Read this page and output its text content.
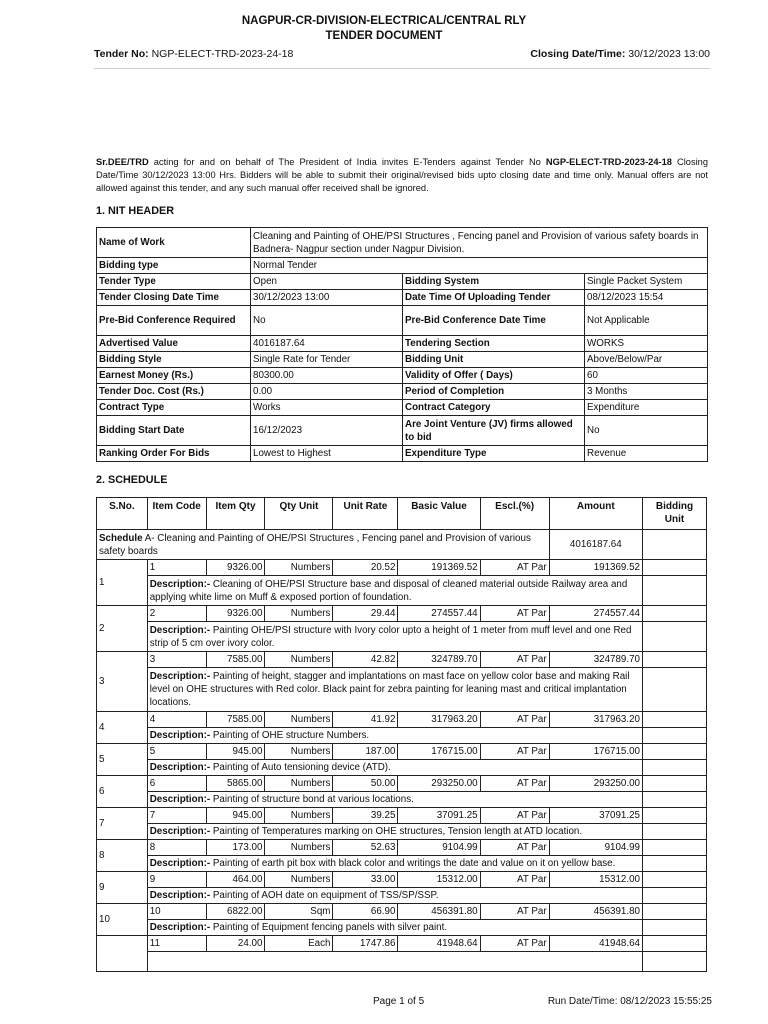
NAGPUR-CR-DIVISION-ELECTRICAL/CENTRAL RLY
TENDER DOCUMENT
Tender No: NGP-ELECT-TRD-2023-24-18	Closing Date/Time: 30/12/2023 13:00
Sr.DEE/TRD acting for and on behalf of The President of India invites E-Tenders against Tender No NGP-ELECT-TRD-2023-24-18 Closing Date/Time 30/12/2023 13:00 Hrs. Bidders will be able to submit their original/revised bids upto closing date and time only. Manual offers are not allowed against this tender, and any such manual offer received shall be ignored.
1. NIT HEADER
Name of Work	Cleaning and Painting of OHE/PSI Structures , Fencing panel and Provision of various safety boards in Badnera- Nagpur section under Nagpur Division.		
Bidding type	Normal Tender		
Tender Type	Open	Bidding System	Single Packet System
Tender Closing Date Time	30/12/2023 13:00	Date Time Of Uploading Tender	08/12/2023 15:54
Pre-Bid Conference Required	No	Pre-Bid Conference Date Time	Not Applicable
Advertised Value	4016187.64	Tendering Section	WORKS
Bidding Style	Single Rate for Tender	Bidding Unit	Above/Below/Par
Earnest Money (Rs.)	80300.00	Validity of Offer ( Days)	60
Tender Doc. Cost (Rs.)	0.00	Period of Completion	3 Months
Contract Type	Works	Contract Category	Expenditure
Bidding Start Date	16/12/2023	Are Joint Venture (JV) firms allowed to bid	No
Ranking Order For Bids	Lowest to Highest	Expenditure Type	Revenue
2. SCHEDULE
S.No.	Item Code	Item Qty	Qty Unit	Unit Rate	Basic Value	Escl.(%)	Amount	Bidding Unit
Schedule A- Cleaning and Painting of OHE/PSI Structures , Fencing panel and Provision of various safety boards							4016187.64	
1	1	9326.00	Numbers	20.52	191369.52	AT Par	191369.52	
	Description:- Cleaning of OHE/PSI Structure base and disposal of cleaned material outside Railway area and applying white lime on Muff & exposed portion of foundation.							
2	2	9326.00	Numbers	29.44	274557.44	AT Par	274557.44	
	Description:- Painting OHE/PSI structure with Ivory color upto a height of 1 meter from muff level and one Red strip of 5 cm over ivory color.							
3	3	7585.00	Numbers	42.82	324789.70	AT Par	324789.70	
	Description:- Painting of height, stagger and implantations on mast face on yellow color base and making Rail level on OHE structures with Red color. Black paint for zebra painting for leaning mast and critical implantation locations.							
4	4	7585.00	Numbers	41.92	317963.20	AT Par	317963.20	
	Description:- Painting of OHE structure Numbers.							
5	5	945.00	Numbers	187.00	176715.00	AT Par	176715.00	
	Description:- Painting of Auto tensioning device (ATD).							
6	6	5865.00	Numbers	50.00	293250.00	AT Par	293250.00	
	Description:- Painting of structure bond at various locations.							
7	7	945.00	Numbers	39.25	37091.25	AT Par	37091.25	
	Description:- Painting of Temperatures marking on OHE structures, Tension length at ATD location.							
8	8	173.00	Numbers	52.63	9104.99	AT Par	9104.99	
	Description:- Painting of earth pit box with black color and writings the date and value on it on yellow base.							
9	9	464.00	Numbers	33.00	15312.00	AT Par	15312.00	
	Description:- Painting of AOH date on equipment of TSS/SP/SSP.							
10	10	6822.00	Sqm	66.90	456391.80	AT Par	456391.80	
	Description:- Painting of Equipment fencing panels with silver paint.							
	11	24.00	Each	1747.86	41948.64	AT Par	41948.64	

Page 1 of 5	Run Date/Time: 08/12/2023 15:55:25
